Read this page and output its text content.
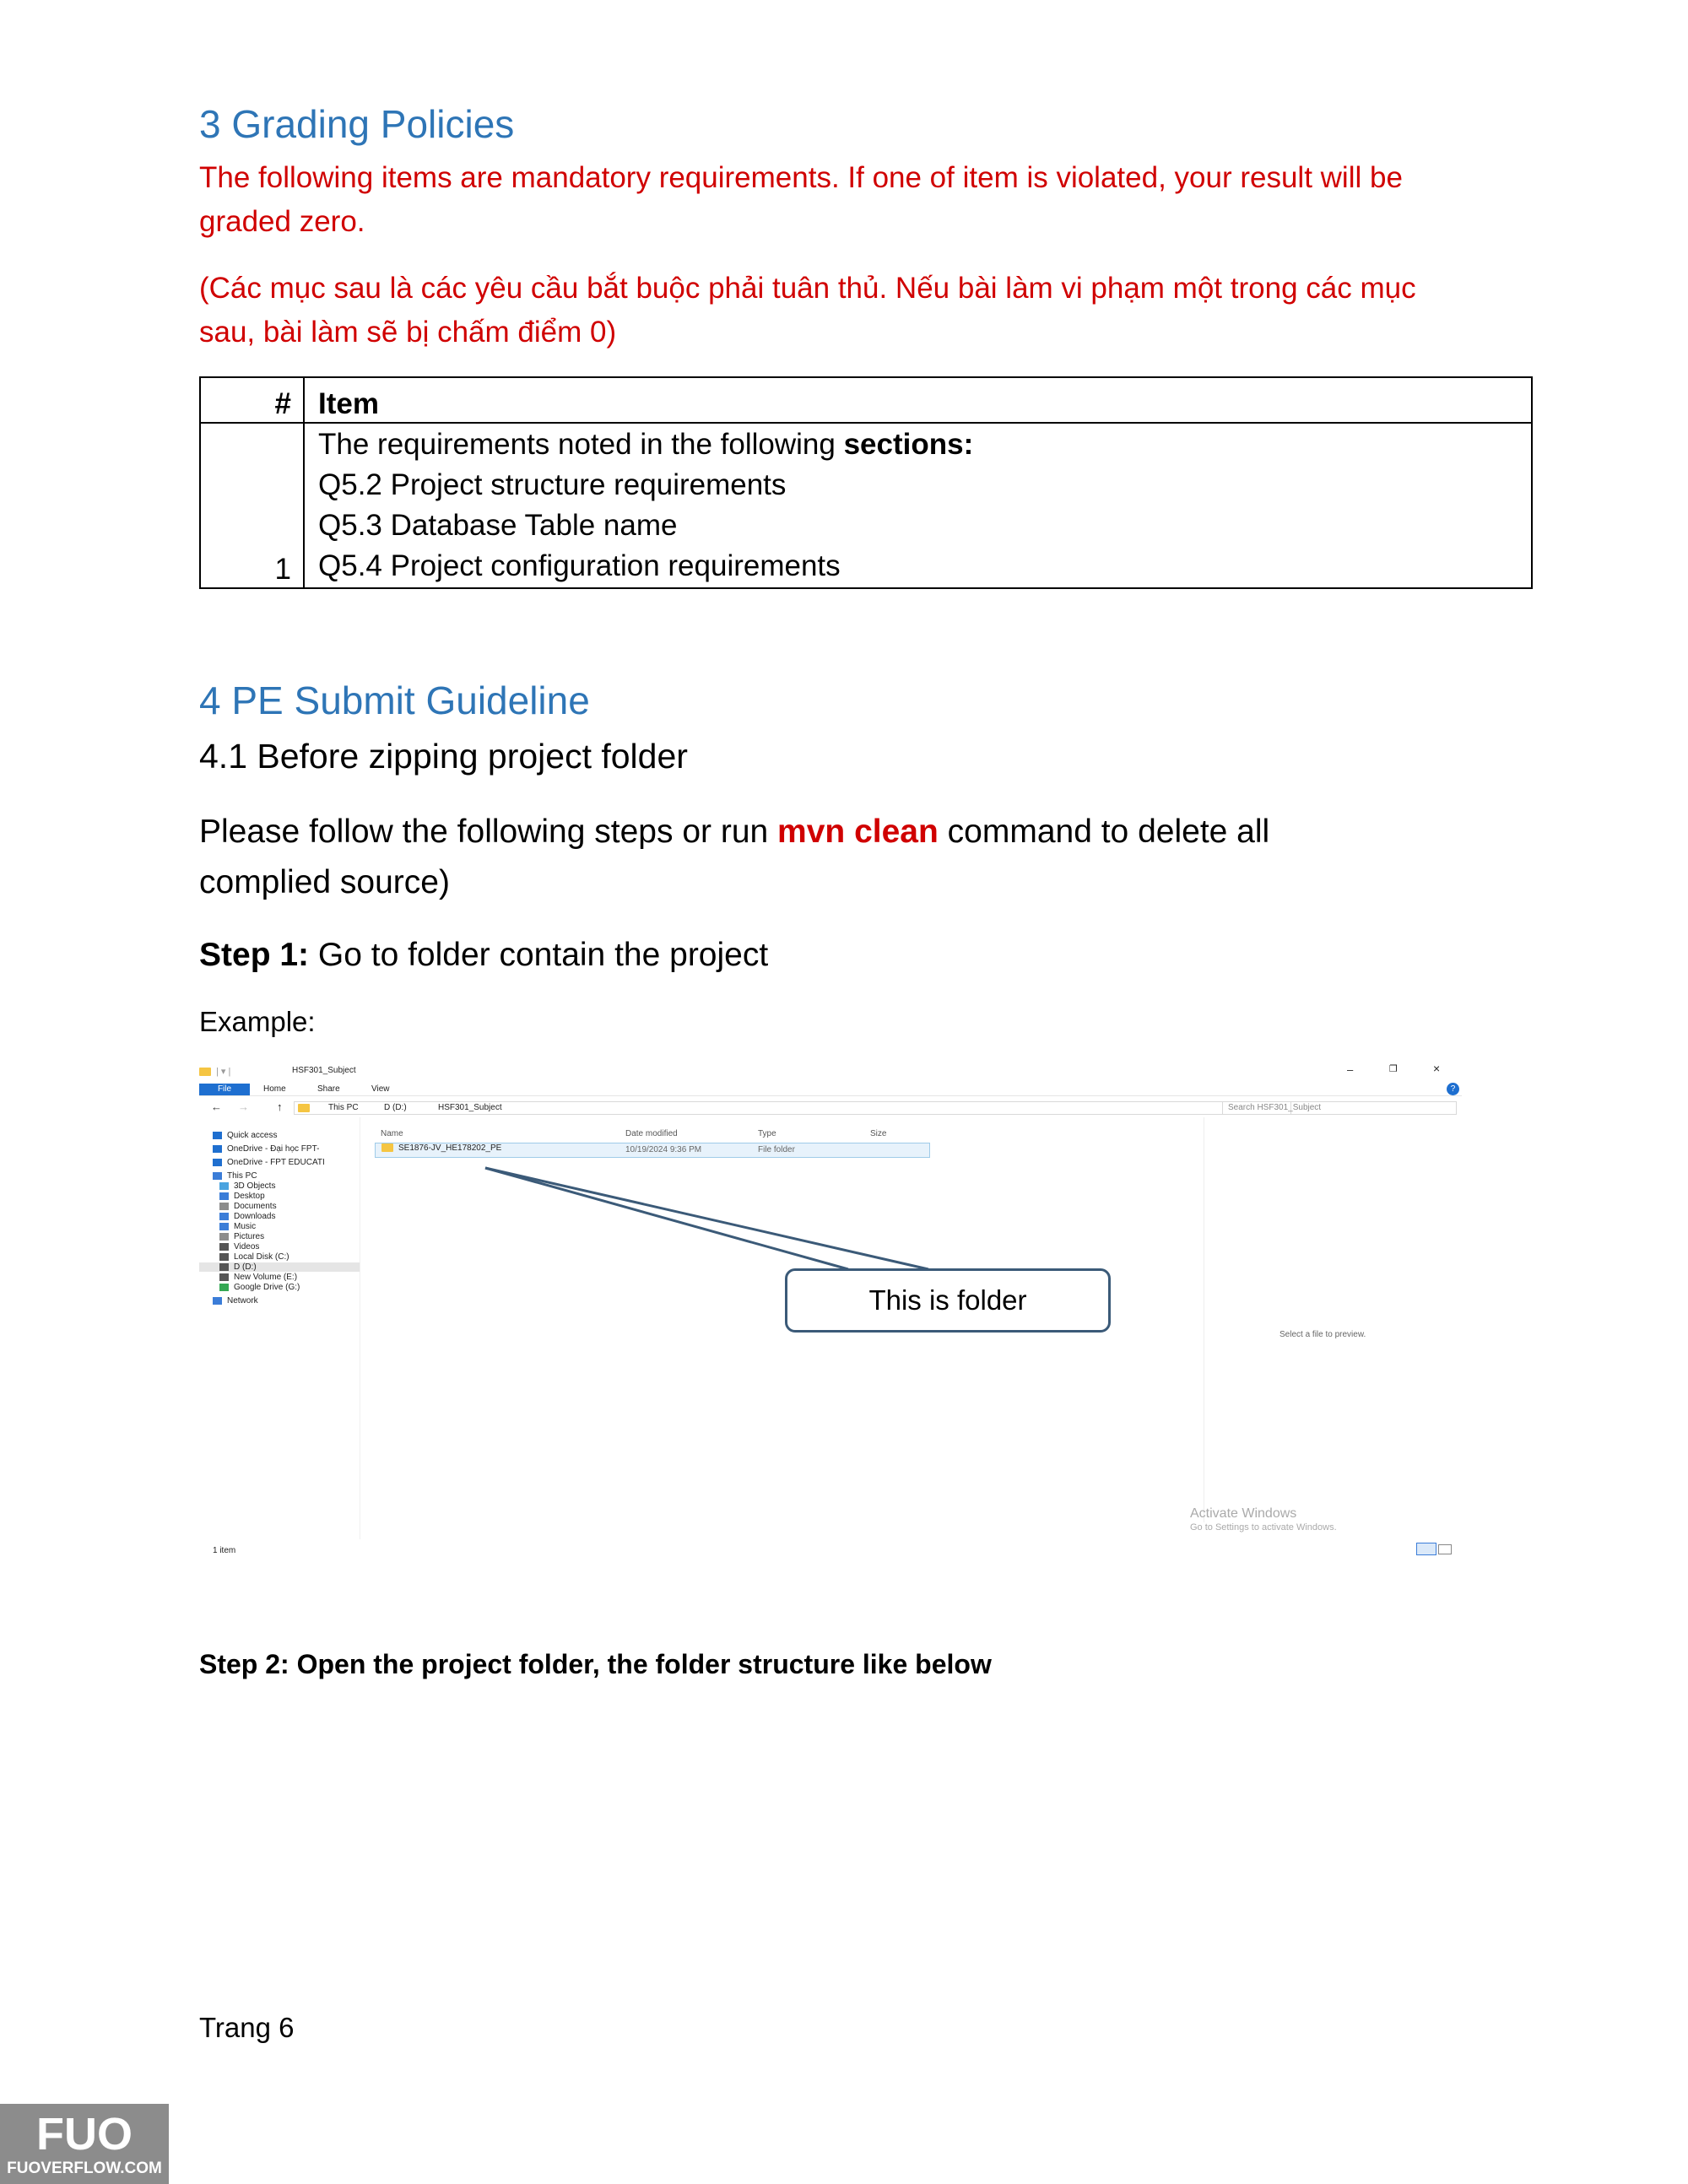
3 Grading Policies
The following items are mandatory requirements. If one of item is violated, your result will be
graded zero.
(Các mục sau là các yêu cầu bắt buộc phải tuân thủ. Nếu bài làm vi phạm một trong các mục
sau, bài làm sẽ bị chấm điểm 0)
#	Item
1	The requirements noted in the following sections:
Q5.2 Project structure requirements
Q5.3 Database Table name
Q5.4 Project configuration requirements
4 PE Submit Guideline
4.1 Before zipping project folder
Please follow the following steps or run mvn clean command to delete all
complied source)
Step 1: Go to folder contain the project
Example:
| ▾ |	HSF301_Subject	–	❐	×
File	Home	Share	View	?
← →	↑	This PC	D (D:)	HSF301_Subject	Search HSF301_Subject
Quick access
OneDrive - Đại học FPT-
OneDrive - FPT EDUCATI
This PC
3D Objects
Desktop
Documents
Downloads
Music
Pictures
Videos
Local Disk (C:)
D (D:)
New Volume (E:)
Google Drive (G:)
Network
Name	Date modified	Type	Size
SE1876-JV_HE178202_PE	10/19/2024 9:36 PM	File folder
Select a file to preview.
Activate Windows
Go to Settings to activate Windows.
1 item
This is folder
Step 2: Open the project folder, the folder structure like below
Trang 6
FUO
FUOVERFLOW.COM
